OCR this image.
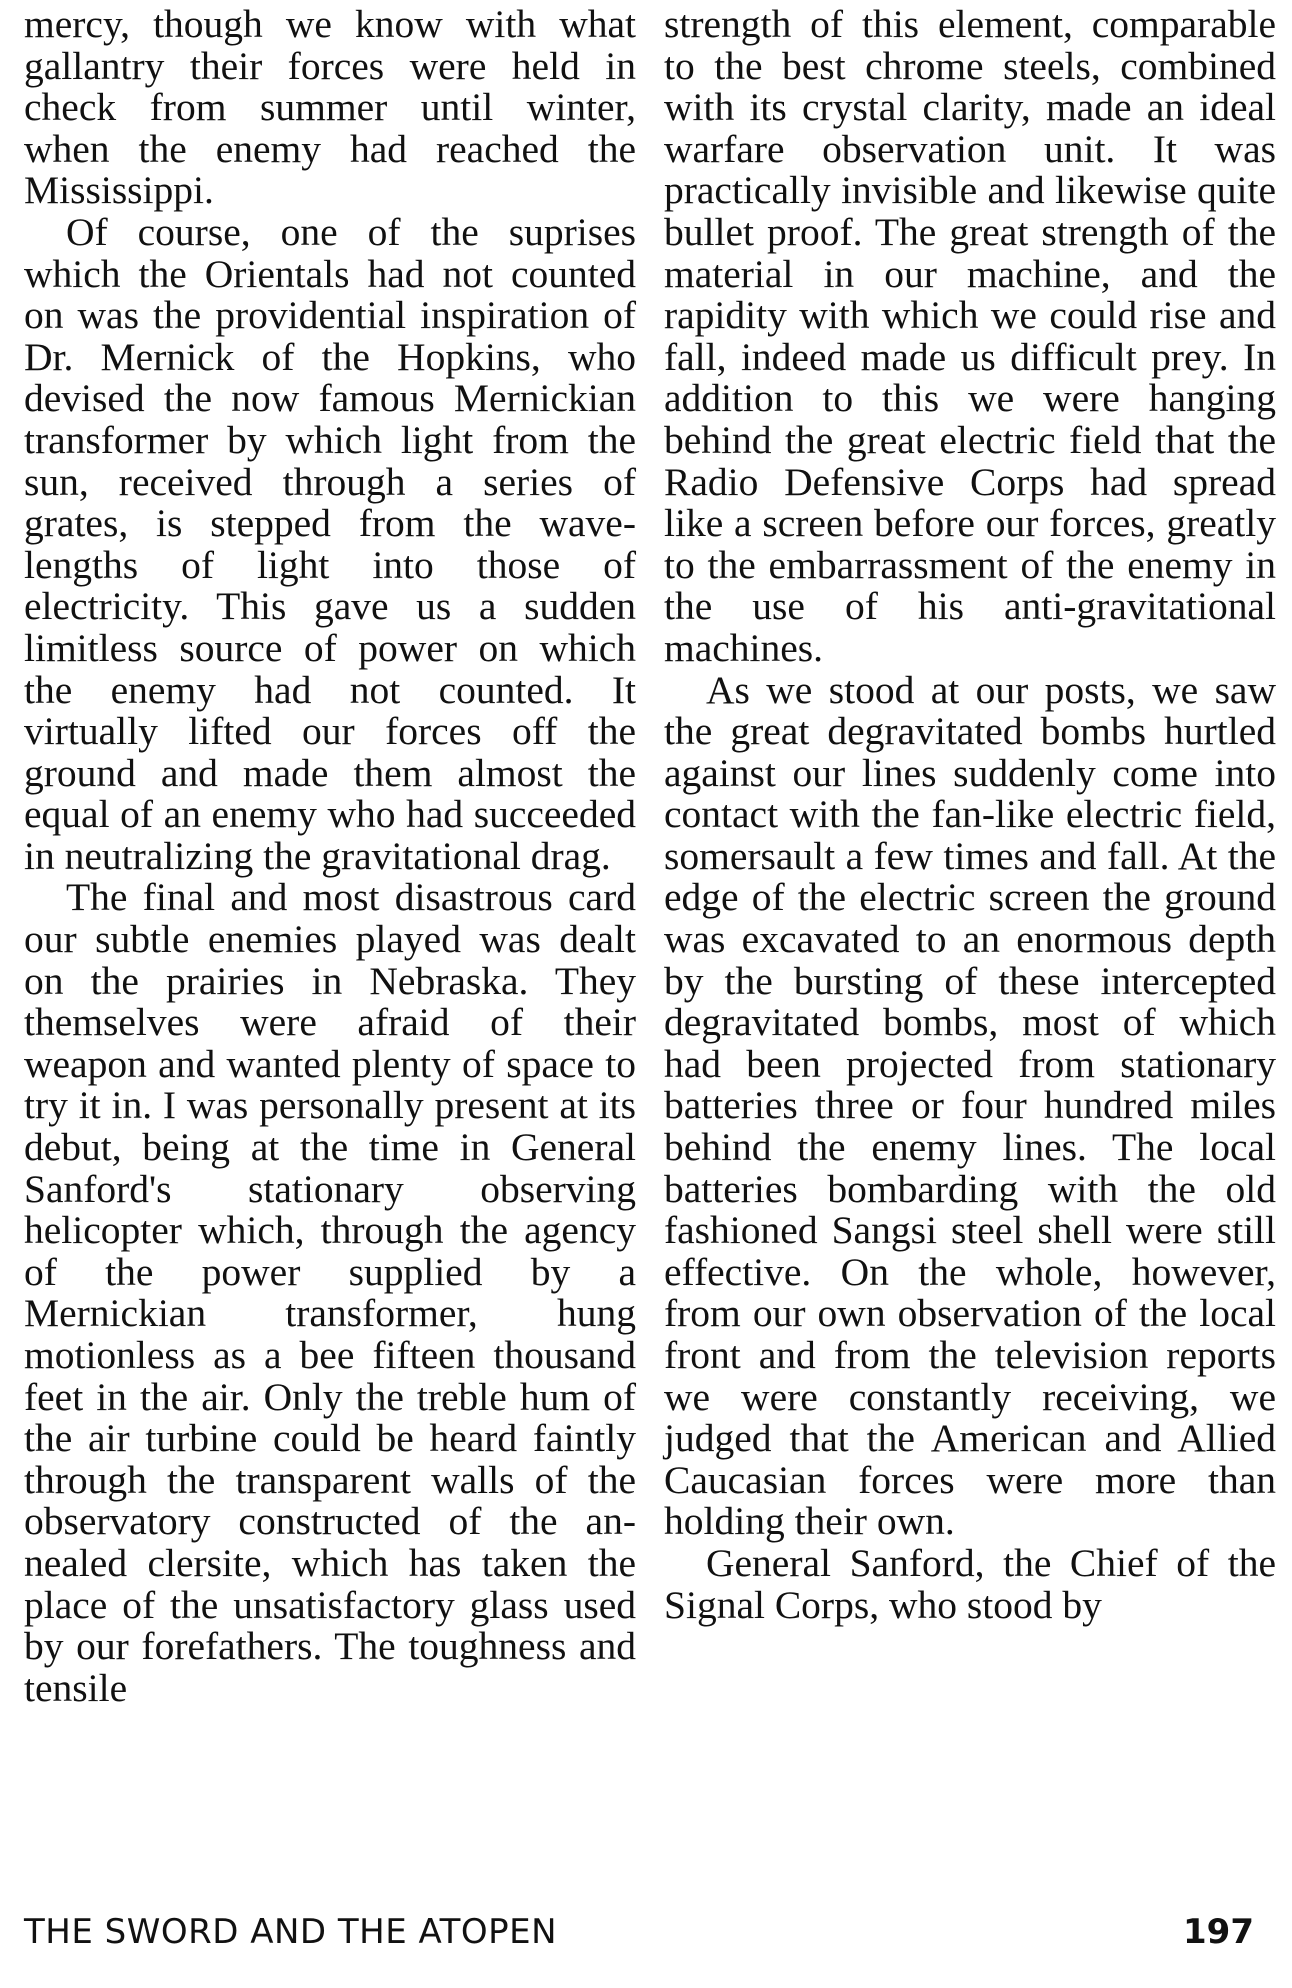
mercy, though we know with what gallantry their forces were held in check from summer until winter, when the enemy had reached the Mississippi.

Of course, one of the suprises which the Orientals had not counted on was the providential inspiration of Dr. Mernick of the Hopkins, who devised the now famous Mernickian transformer by which light from the sun, received through a series of grates, is stepped from the wavelengths of light into those of electricity. This gave us a sudden limitless source of power on which the enemy had not counted. It virtually lifted our forces off the ground and made them almost the equal of an enemy who had succeeded in neutralizing the gravitational drag.

The final and most disastrous card our subtle enemies played was dealt on the prairies in Nebraska. They themselves were afraid of their weapon and wanted plenty of space to try it in. I was personally present at its debut, being at the time in General Sanford's stationary observing helicopter which, through the agency of the power supplied by a Mernickian transformer, hung motionless as a bee fifteen thousand feet in the air. Only the treble hum of the air turbine could be heard faintly through the transparent walls of the observatory constructed of the annealed clersite, which has taken the place of the unsatisfactory glass used by our forefathers. The toughness and tensile

strength of this element, comparable to the best chrome steels, combined with its crystal clarity, made an ideal warfare observation unit. It was practically invisible and likewise quite bullet proof. The great strength of the material in our machine, and the rapidity with which we could rise and fall, indeed made us difficult prey. In addition to this we were hanging behind the great electric field that the Radio Defensive Corps had spread like a screen before our forces, greatly to the embarrassment of the enemy in the use of his anti-gravitational machines.

As we stood at our posts, we saw the great degravitated bombs hurtled against our lines suddenly come into contact with the fan-like electric field, somersault a few times and fall. At the edge of the electric screen the ground was excavated to an enormous depth by the bursting of these intercepted degravitated bombs, most of which had been projected from stationary batteries three or four hundred miles behind the enemy lines. The local batteries bombarding with the old fashioned Sangsi steel shell were still effective. On the whole, however, from our own observation of the local front and from the television reports we were constantly receiving, we judged that the American and Allied Caucasian forces were more than holding their own.

General Sanford, the Chief of the Signal Corps, who stood by

THE SWORD AND THE ATOPEN	197
